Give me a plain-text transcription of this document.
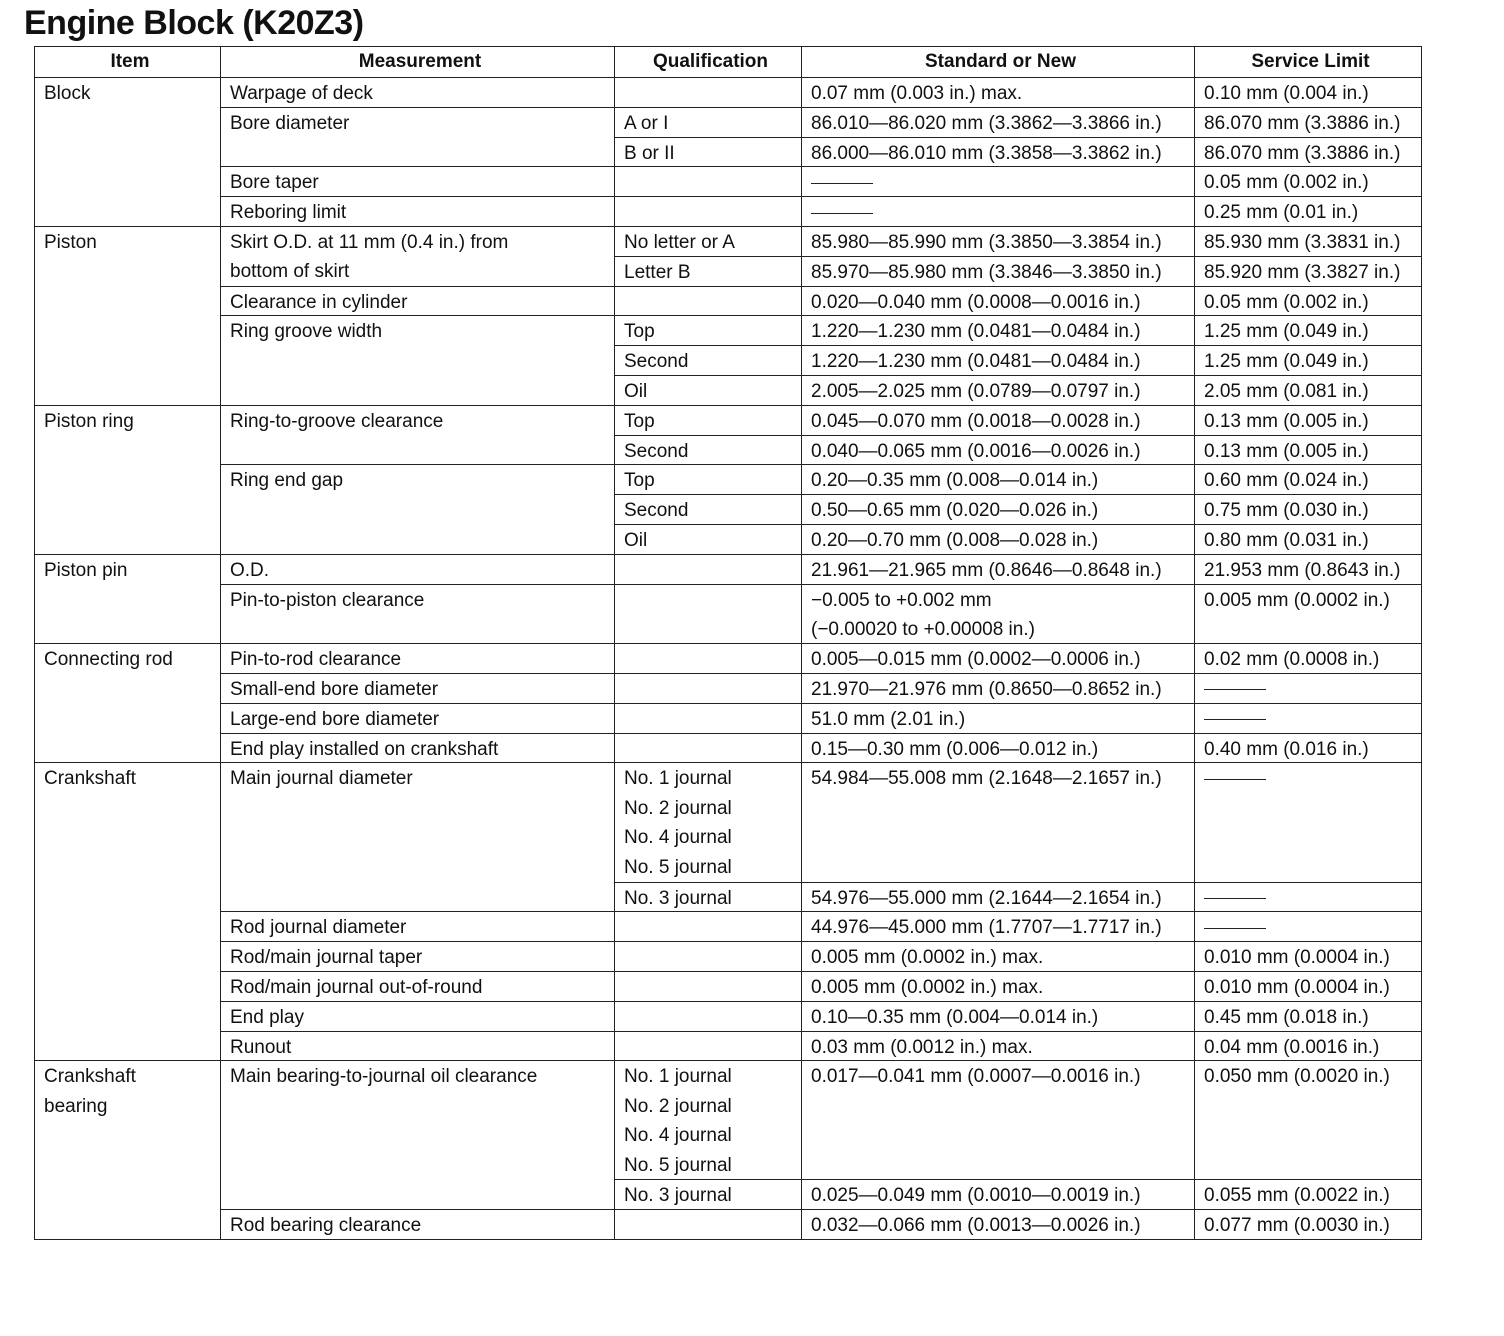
Engine Block (K20Z3)
Item	Measurement	Qualification	Standard or New	Service Limit
Block	Warpage of deck		0.07 mm (0.003 in.) max.	0.10 mm (0.004 in.)
	Bore diameter	A or I	86.010—86.020 mm (3.3862—3.3866 in.)	86.070 mm (3.3886 in.)
		B or II	86.000—86.010 mm (3.3858—3.3862 in.)	86.070 mm (3.3886 in.)
	Bore taper			0.05 mm (0.002 in.)
	Reboring limit			0.25 mm (0.01 in.)
Piston	Skirt O.D. at 11 mm (0.4 in.) from	No letter or A	85.980—85.990 mm (3.3850—3.3854 in.)	85.930 mm (3.3831 in.)
	bottom of skirt	Letter B	85.970—85.980 mm (3.3846—3.3850 in.)	85.920 mm (3.3827 in.)
	Clearance in cylinder		0.020—0.040 mm (0.0008—0.0016 in.)	0.05 mm (0.002 in.)
	Ring groove width	Top	1.220—1.230 mm (0.0481—0.0484 in.)	1.25 mm (0.049 in.)
		Second	1.220—1.230 mm (0.0481—0.0484 in.)	1.25 mm (0.049 in.)
		Oil	2.005—2.025 mm (0.0789—0.0797 in.)	2.05 mm (0.081 in.)
Piston ring	Ring-to-groove clearance	Top	0.045—0.070 mm (0.0018—0.0028 in.)	0.13 mm (0.005 in.)
		Second	0.040—0.065 mm (0.0016—0.0026 in.)	0.13 mm (0.005 in.)
	Ring end gap	Top	0.20—0.35 mm (0.008—0.014 in.)	0.60 mm (0.024 in.)
		Second	0.50—0.65 mm (0.020—0.026 in.)	0.75 mm (0.030 in.)
		Oil	0.20—0.70 mm (0.008—0.028 in.)	0.80 mm (0.031 in.)
Piston pin	O.D.		21.961—21.965 mm (0.8646—0.8648 in.)	21.953 mm (0.8643 in.)
	Pin-to-piston clearance		−0.005 to +0.002 mm	0.005 mm (0.0002 in.)
			(−0.00020 to +0.00008 in.)	
Connecting rod	Pin-to-rod clearance		0.005—0.015 mm (0.0002—0.0006 in.)	0.02 mm (0.0008 in.)
	Small-end bore diameter		21.970—21.976 mm (0.8650—0.8652 in.)	
	Large-end bore diameter		51.0 mm (2.01 in.)	
	End play installed on crankshaft		0.15—0.30 mm (0.006—0.012 in.)	0.40 mm (0.016 in.)
Crankshaft	Main journal diameter	No. 1 journal	54.984—55.008 mm (2.1648—2.1657 in.)	
		No. 2 journal		
		No. 4 journal		
		No. 5 journal		
		No. 3 journal	54.976—55.000 mm (2.1644—2.1654 in.)	
	Rod journal diameter		44.976—45.000 mm (1.7707—1.7717 in.)	
	Rod/main journal taper		0.005 mm (0.0002 in.) max.	0.010 mm (0.0004 in.)
	Rod/main journal out-of-round		0.005 mm (0.0002 in.) max.	0.010 mm (0.0004 in.)
	End play		0.10—0.35 mm (0.004—0.014 in.)	0.45 mm (0.018 in.)
	Runout		0.03 mm (0.0012 in.) max.	0.04 mm (0.0016 in.)
Crankshaft	Main bearing-to-journal oil clearance	No. 1 journal	0.017—0.041 mm (0.0007—0.0016 in.)	0.050 mm (0.0020 in.)
bearing		No. 2 journal		
		No. 4 journal		
		No. 5 journal		
		No. 3 journal	0.025—0.049 mm (0.0010—0.0019 in.)	0.055 mm (0.0022 in.)
	Rod bearing clearance		0.032—0.066 mm (0.0013—0.0026 in.)	0.077 mm (0.0030 in.)
